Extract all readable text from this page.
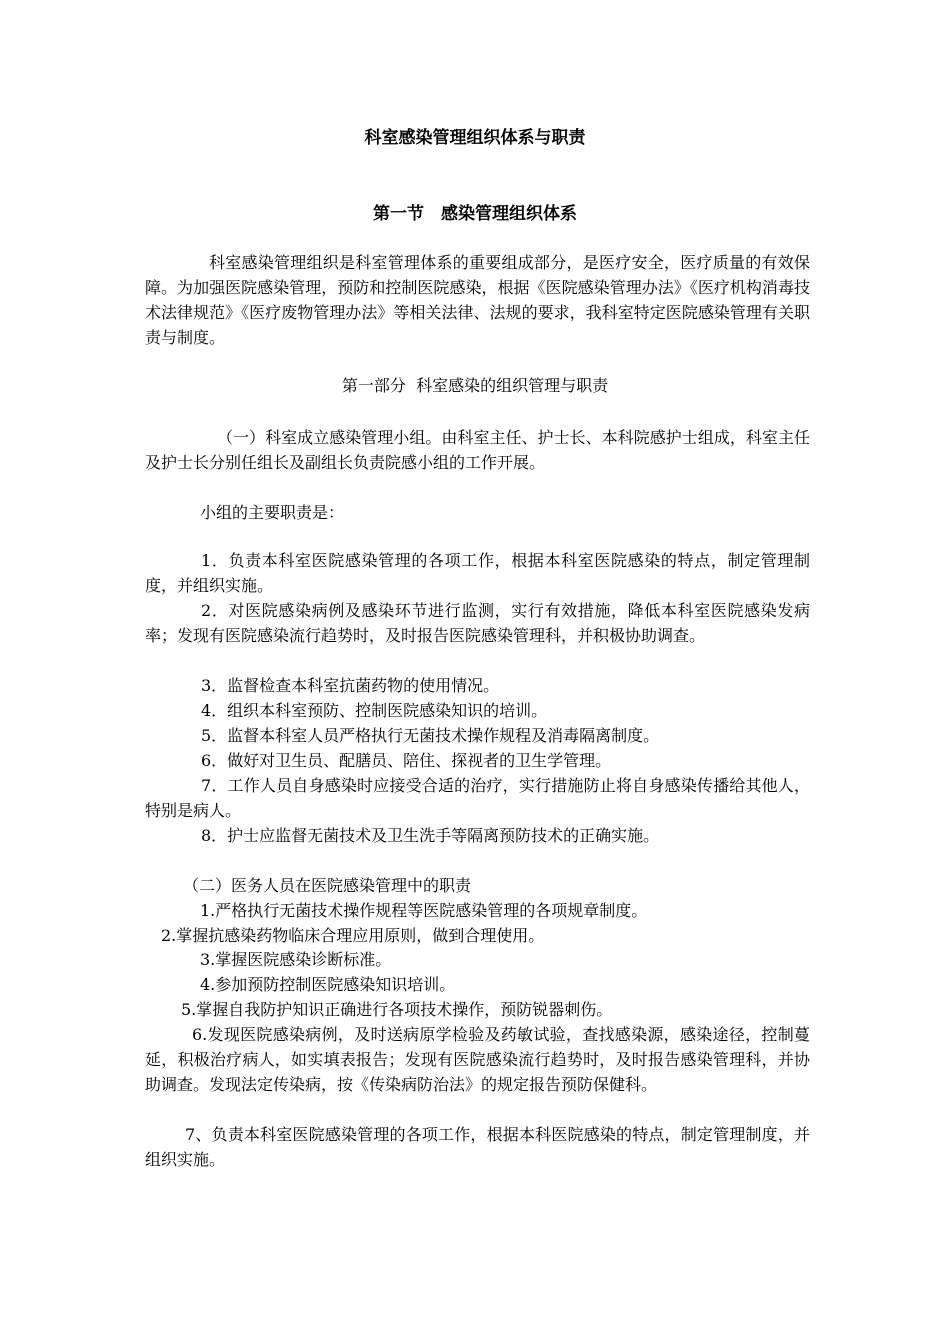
科室感染管理组织体系与职责
第一节　感染管理组织体系

科室感染管理组织是科室管理体系的重要组成部分，是医疗安全，医疗质量的有效保障。为加强医院感染管理，预防和控制医院感染，根据《医院感染管理办法》《医疗机构消毒技术法律规范》《医疗废物管理办法》等相关法律、法规的要求，我科室特定医院感染管理有关职责与制度。

第一部分  科室感染的组织管理与职责

（一）科室成立感染管理小组。由科室主任、护士长、本科院感护士组成，科室主任及护士长分别任组长及副组长负责院感小组的工作开展。

小组的主要职责是：

1．负责本科室医院感染管理的各项工作，根据本科室医院感染的特点，制定管理制度，并组织实施。

2．对医院感染病例及感染环节进行监测，实行有效措施，降低本科室医院感染发病率；发现有医院感染流行趋势时，及时报告医院感染管理科，并积极协助调查。

3．监督检查本科室抗菌药物的使用情况。

4．组织本科室预防、控制医院感染知识的培训。

5．监督本科室人员严格执行无菌技术操作规程及消毒隔离制度。

6．做好对卫生员、配膳员、陪住、探视者的卫生学管理。

7．工作人员自身感染时应接受合适的治疗，实行措施防止将自身感染传播给其他人，特别是病人。

8．护士应监督无菌技术及卫生洗手等隔离预防技术的正确实施。

（二）医务人员在医院感染管理中的职责
1.严格执行无菌技术操作规程等医院感染管理的各项规章制度。
2.掌握抗感染药物临床合理应用原则，做到合理使用。
3.掌握医院感染诊断标准。
4.参加预防控制医院感染知识培训。
5.掌握自我防护知识正确进行各项技术操作，预防锐器刺伤。

6.发现医院感染病例，及时送病原学检验及药敏试验，查找感染源，感染途径，控制蔓延，积极治疗病人，如实填表报告；发现有医院感染流行趋势时，及时报告感染管理科，并协助调查。发现法定传染病，按《传染病防治法》的规定报告预防保健科。

7、负责本科室医院感染管理的各项工作，根据本科医院感染的特点，制定管理制度，并组织实施。
